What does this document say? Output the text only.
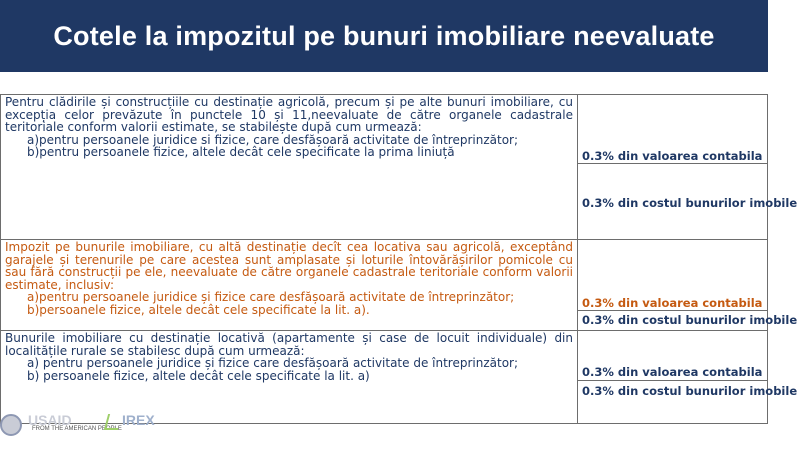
Cotele la impozitul pe bunuri imobiliare neevaluate

Pentru clădirile și construcțiile cu destinație agricolă, precum și pe alte bunuri imobiliare, cu excepția celor prevăzute în punctele 10 și 11,neevaluate de către organele cadastrale teritoriale conform valorii estimate, se stabilește după cum urmează:

a)pentru persoanele juridice si fizice, care desfășoară activitate de întreprinzător;

b)pentru persoanele fizice, altele decât cele specificate la prima liniuță	0.3% din valoarea contabila
0.3% din costul bunurilor imobile

Impozit pe bunurile imobiliare, cu altă destinație decît cea locativa sau agricolă, exceptând garajele și terenurile pe care acestea sunt amplasate și loturile întovărășirilor pomicole cu sau fără construcții pe ele, neevaluate de către organele cadastrale teritoriale conform valorii estimate, inclusiv:

a)pentru persoanele juridice și fizice care desfășoară activitate de întreprinzător;

b)persoanele fizice, altele decât cele specificate la lit. a).	0.3% din valoarea contabila
0.3% din costul bunurilor imobile

Bunurile imobiliare cu destinație locativă (apartamente și case de locuit individuale) din localitățile rurale se stabilesc după cum urmează:

a) pentru persoanele juridice și fizice care desfășoară activitate de întreprinzător;

b) persoanele fizice, altele decât cele specificate la lit. a)	0.3% din valoarea contabila
0.3% din costul bunurilor imobile
USAID
FROM THE AMERICAN PEOPLE
IREX
